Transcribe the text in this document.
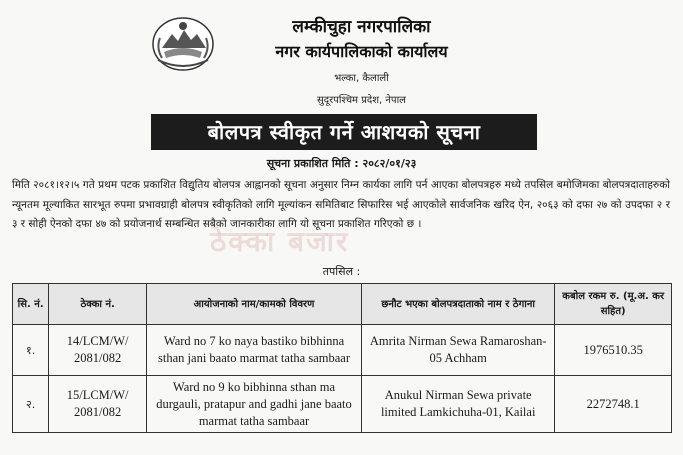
लम्कीचुहा नगरपालिका
नगर कार्यपालिकाको कार्यालय
भल्का, कैलाली
सुदूरपश्चिम प्रदेश, नेपाल
बोलपत्र स्वीकृत गर्ने आशयको सूचना
सूचना प्रकाशित मिति : २०८२/०१/२३
मिति २०८१।१२।५ गते प्रथम पटक प्रकाशित विद्युतिय बोलपत्र आह्वानको सूचना अनुसार निम्न कार्यका लागि पर्न आएका बोलपत्रहरु मध्ये तपसिल बमोजिमका बोलपत्रदाताहरुको न्यूनतम मूल्याकित सारभूत रुपमा प्रभावग्राही बोलपत्र स्वीकृतिको लागि मूल्यांकन समितिबाट सिफारिस भई आएकोले सार्वजनिक खरिद ऐन, २०६३ को दफा २७ को उपदफा २ र ३ र सोही ऐनको दफा ४७ को प्रयोजनार्थ सम्बन्धित सबैको जानकारीका लागि यो सूचना प्रकाशित गरिएको छ ।
ठेक्का बजार
तपसिल :
सि. नं.	ठेक्का नं.	आयोजनाको नाम/कामको विवरण	छनौट भएका बोलपत्रदाताको नाम र ठेगाना	कबोल रकम रु. (मू.अ. कर सहित)
१.	14/LCM/W/ 2081/082	Ward no 7 ko naya bastiko bibhinna sthan jani baato marmat tatha sambaar	Amrita Nirman Sewa Ramaroshan-05 Achham	1976510.35
२.	15/LCM/W/ 2081/082	Ward no 9 ko bibhinna sthan ma durgauli, pratapur and gadhi jane baato marmat tatha sambaar	Anukul Nirman Sewa private limited Lamkichuha-01, Kailai	2272748.1
